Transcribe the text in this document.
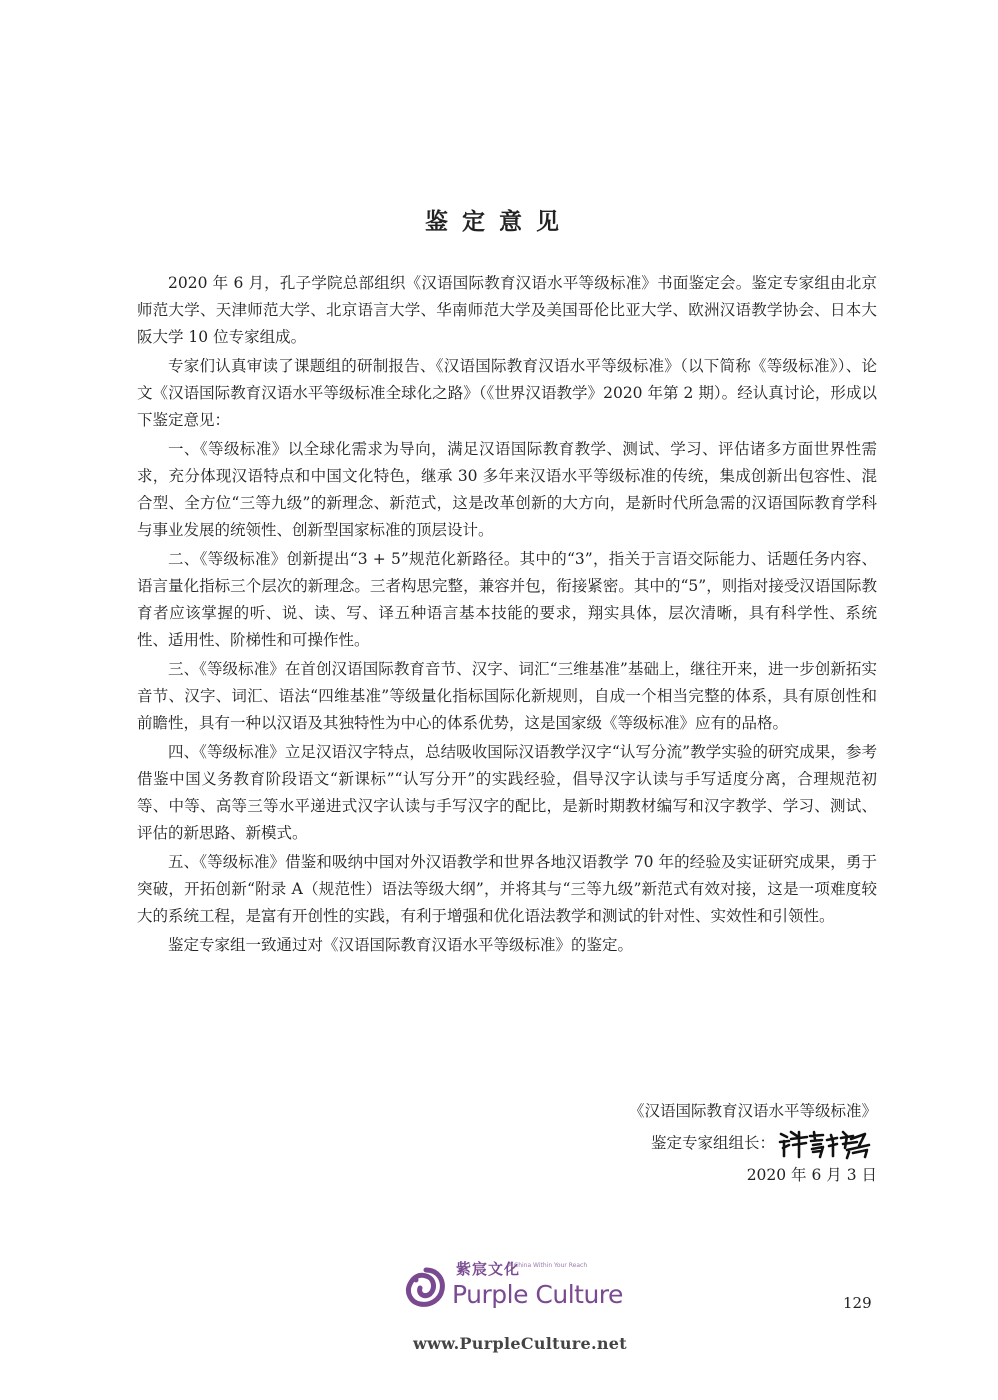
鉴定意见

2020 年 6 月，孔子学院总部组织《汉语国际教育汉语水平等级标准》书面鉴定会。鉴定专家组由北京师范大学、天津师范大学、北京语言大学、华南师范大学及美国哥伦比亚大学、欧洲汉语教学协会、日本大阪大学 10 位专家组成。

专家们认真审读了课题组的研制报告、《汉语国际教育汉语水平等级标准》（以下简称《等级标准》）、论文《汉语国际教育汉语水平等级标准全球化之路》（《世界汉语教学》2020 年第 2 期）。经认真讨论，形成以下鉴定意见：

一、《等级标准》以全球化需求为导向，满足汉语国际教育教学、测试、学习、评估诸多方面世界性需求，充分体现汉语特点和中国文化特色，继承 30 多年来汉语水平等级标准的传统，集成创新出包容性、混合型、全方位“三等九级”的新理念、新范式，这是改革创新的大方向，是新时代所急需的汉语国际教育学科与事业发展的统领性、创新型国家标准的顶层设计。

二、《等级标准》创新提出“3 + 5”规范化新路径。其中的“3”，指关于言语交际能力、话题任务内容、语言量化指标三个层次的新理念。三者构思完整，兼容并包，衔接紧密。其中的“5”，则指对接受汉语国际教育者应该掌握的听、说、读、写、译五种语言基本技能的要求，翔实具体，层次清晰，具有科学性、系统性、适用性、阶梯性和可操作性。

三、《等级标准》在首创汉语国际教育音节、汉字、词汇“三维基准”基础上，继往开来，进一步创新拓实音节、汉字、词汇、语法“四维基准”等级量化指标国际化新规则，自成一个相当完整的体系，具有原创性和前瞻性，具有一种以汉语及其独特性为中心的体系优势，这是国家级《等级标准》应有的品格。

四、《等级标准》立足汉语汉字特点，总结吸收国际汉语教学汉字“认写分流”教学实验的研究成果，参考借鉴中国义务教育阶段语文“新课标”“认写分开”的实践经验，倡导汉字认读与手写适度分离，合理规范初等、中等、高等三等水平递进式汉字认读与手写汉字的配比，是新时期教材编写和汉字教学、学习、测试、评估的新思路、新模式。

五、《等级标准》借鉴和吸纳中国对外汉语教学和世界各地汉语教学 70 年的经验及实证研究成果，勇于突破，开拓创新“附录 A（规范性）语法等级大纲”，并将其与“三等九级”新范式有效对接，这是一项难度较大的系统工程，是富有开创性的实践，有利于增强和优化语法教学和测试的针对性、实效性和引领性。

鉴定专家组一致通过对《汉语国际教育汉语水平等级标准》的鉴定。

《汉语国际教育汉语水平等级标准》
鉴定专家组组长：
2020 年 6 月 3 日
紫宸文化
A China Within Your Reach
Purple Culture
www.PurpleCulture.net
129
